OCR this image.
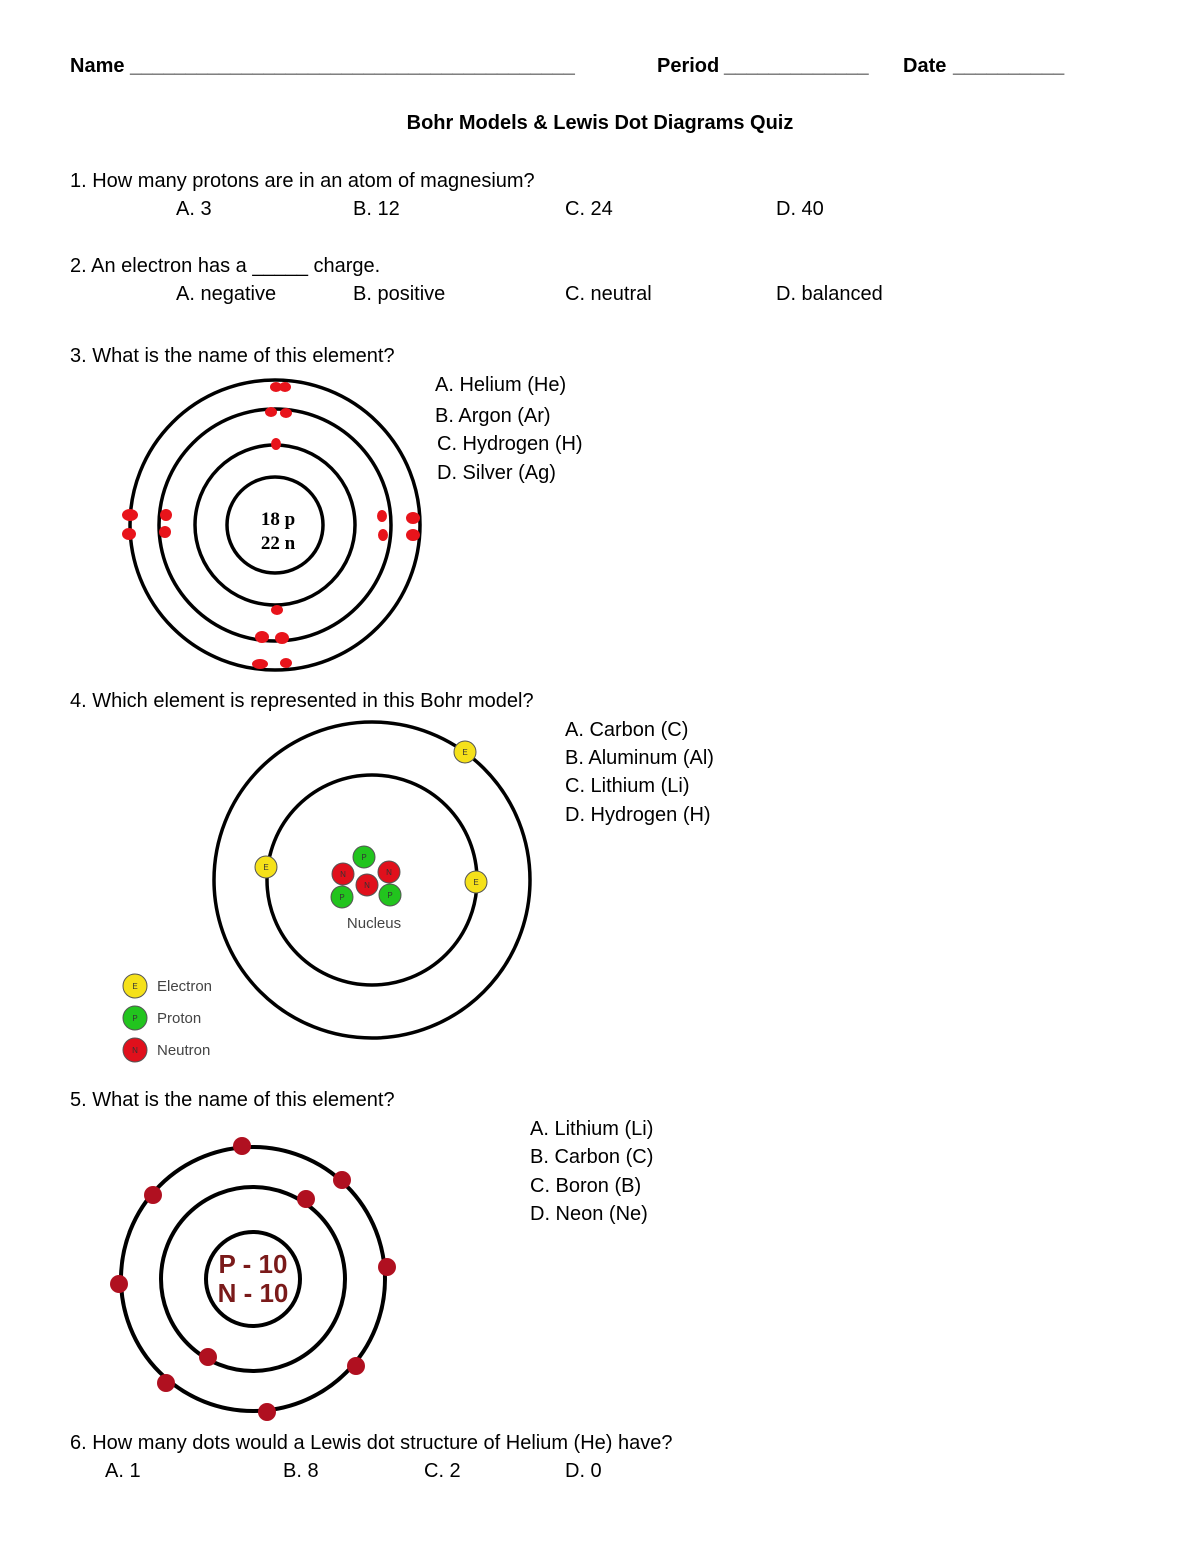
Name ________________________________________	Period _____________ Date __________
Bohr Models & Lewis Dot Diagrams Quiz
1. How many protons are in an atom of magnesium?
A. 3	B. 12	C. 24	D. 40
2. An electron has a _____ charge.
A. negative	B. positive	C. neutral	D. balanced
3. What is the name of this element?
A. Helium (He)
B. Argon (Ar)
C. Hydrogen (H)
D. Silver (Ag)
18 p
22 n
4. Which element is represented in this Bohr model?
A. Carbon (C)
B. Aluminum (Al)
C. Lithium (Li)
D. Hydrogen (H)
P
N	N
N
P	P
E
E
E
E
P
N
Nucleus
Electron
Proton
Neutron
5. What is the name of this element?
A. Lithium (Li)
B. Carbon (C)
C. Boron (B)
D. Neon (Ne)
P - 10
N - 10
6. How many dots would a Lewis dot structure of Helium (He) have?
A. 1	B. 8	C. 2	D. 0
